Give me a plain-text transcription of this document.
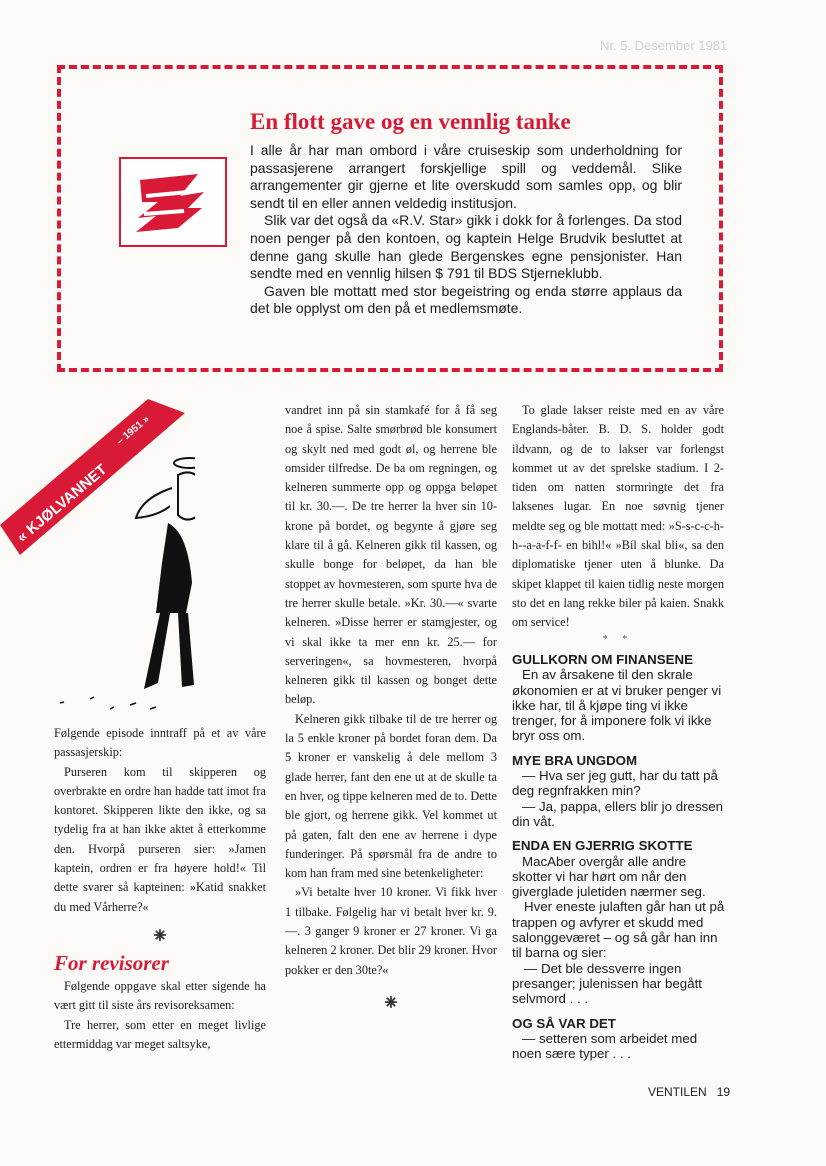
Nr. 5. Desember 1981
En flott gave og en vennlig tanke

I alle år har man ombord i våre cruiseskip som underholdning for passasjerene arrangert forskjellige spill og veddemål. Slike arrangementer gir gjerne et lite overskudd som samles opp, og blir sendt til en eller annen veldedig institusjon.

Slik var det også da «R.V. Star» gikk i dokk for å forlenges. Da stod noen penger på den kontoen, og kaptein Helge Brudvik besluttet at denne gang skulle han glede Bergenskes egne pensjonister. Han sendte med en vennlig hilsen $ 791 til BDS Stjerneklubb.

Gaven ble mottatt med stor begeistring og enda større applaus da det ble opplyst om den på et medlemsmøte.

« KJØLVANNET
– 1951 »

Følgende episode inntraff på et av våre passasjerskip:

Purseren kom til skipperen og overbrakte en ordre han hadde tatt imot fra kontoret. Skipperen likte den ikke, og sa tydelig fra at han ikke aktet å etterkomme den. Hvorpå purseren sier: »Jamen kaptein, ordren er fra høyere hold!« Til dette svarer så kapteinen: »Katid snakket du med Vårherre?«

⁕
For revisorer

Følgende oppgave skal etter sigende ha vært gitt til siste års revisoreksamen:

Tre herrer, som etter en meget livlige ettermiddag var meget saltsyke,

vandret inn på sin stamkafé for å få seg noe å spise. Salte smørbrød ble konsumert og skylt ned med godt øl, og herrene ble omsider tilfredse. De ba om regningen, og kelneren summerte opp og oppga beløpet til kr. 30.—. De tre herrer la hver sin 10-krone på bordet, og begynte å gjøre seg klare til å gå. Kelneren gikk til kassen, og skulle bonge for beløpet, da han ble stoppet av hovmesteren, som spurte hva de tre herrer skulle betale. »Kr. 30.—« svarte kelneren. »Disse herrer er stamgjester, og vi skal ikke ta mer enn kr. 25.— for serveringen«, sa hovmesteren, hvorpå kelneren gikk til kassen og bonget dette beløp.

Kelneren gikk tilbake til de tre herrer og la 5 enkle kroner på bordet foran dem. Da 5 kroner er vanskelig å dele mellom 3 glade herrer, fant den ene ut at de skulle ta en hver, og tippe kelneren med de to. Dette ble gjort, og herrene gikk. Vel kommet ut på gaten, falt den ene av herrene i dype funderinger. På spørsmål fra de andre to kom han fram med sine betenkeligheter:

»Vi betalte hver 10 kroner. Vi fikk hver 1 tilbake. Følgelig har vi betalt hver kr. 9.—. 3 ganger 9 kroner er 27 kroner. Vi ga kelneren 2 kroner. Det blir 29 kroner. Hvor pokker er den 30te?«

⁕

To glade lakser reiste med en av våre Englands-båter. B. D. S. holder godt ildvann, og de to lakser var forlengst kommet ut av det sprelske stadium. I 2-tiden om natten stormringte det fra laksenes lugar. En noe søvnig tjener meldte seg og ble mottatt med: »S-s-c-c-h-h--a-a-f-f- en bihl!« »Bíl skal bli«, sa den diplomatiske tjener uten å blunke. Da skipet klappet til kaien tidlig neste morgen sto det en lang rekke biler på kaien. Snakk om service!

* *
GULLKORN OM FINANSENE

En av årsakene til den skrale økonomien er at vi bruker penger vi ikke har, til å kjøpe ting vi ikke trenger, for å imponere folk vi ikke bryr oss om.

MYE BRA UNGDOM

— Hva ser jeg gutt, har du tatt på deg regnfrakken min?

— Ja, pappa, ellers blir jo dressen din våt.

ENDA EN GJERRIG SKOTTE

MacAber overgår alle andre skotter vi har hørt om når den giverglade juletiden nærmer seg.

Hver eneste julaften går han ut på trappen og avfyrer et skudd med salonggeværet – og så går han inn til barna og sier:

— Det ble dessverre ingen presanger; julenissen har begått selvmord . . .

OG SÅ VAR DET

— setteren som arbeidet med noen sære typer . . .

VENTILEN 19
